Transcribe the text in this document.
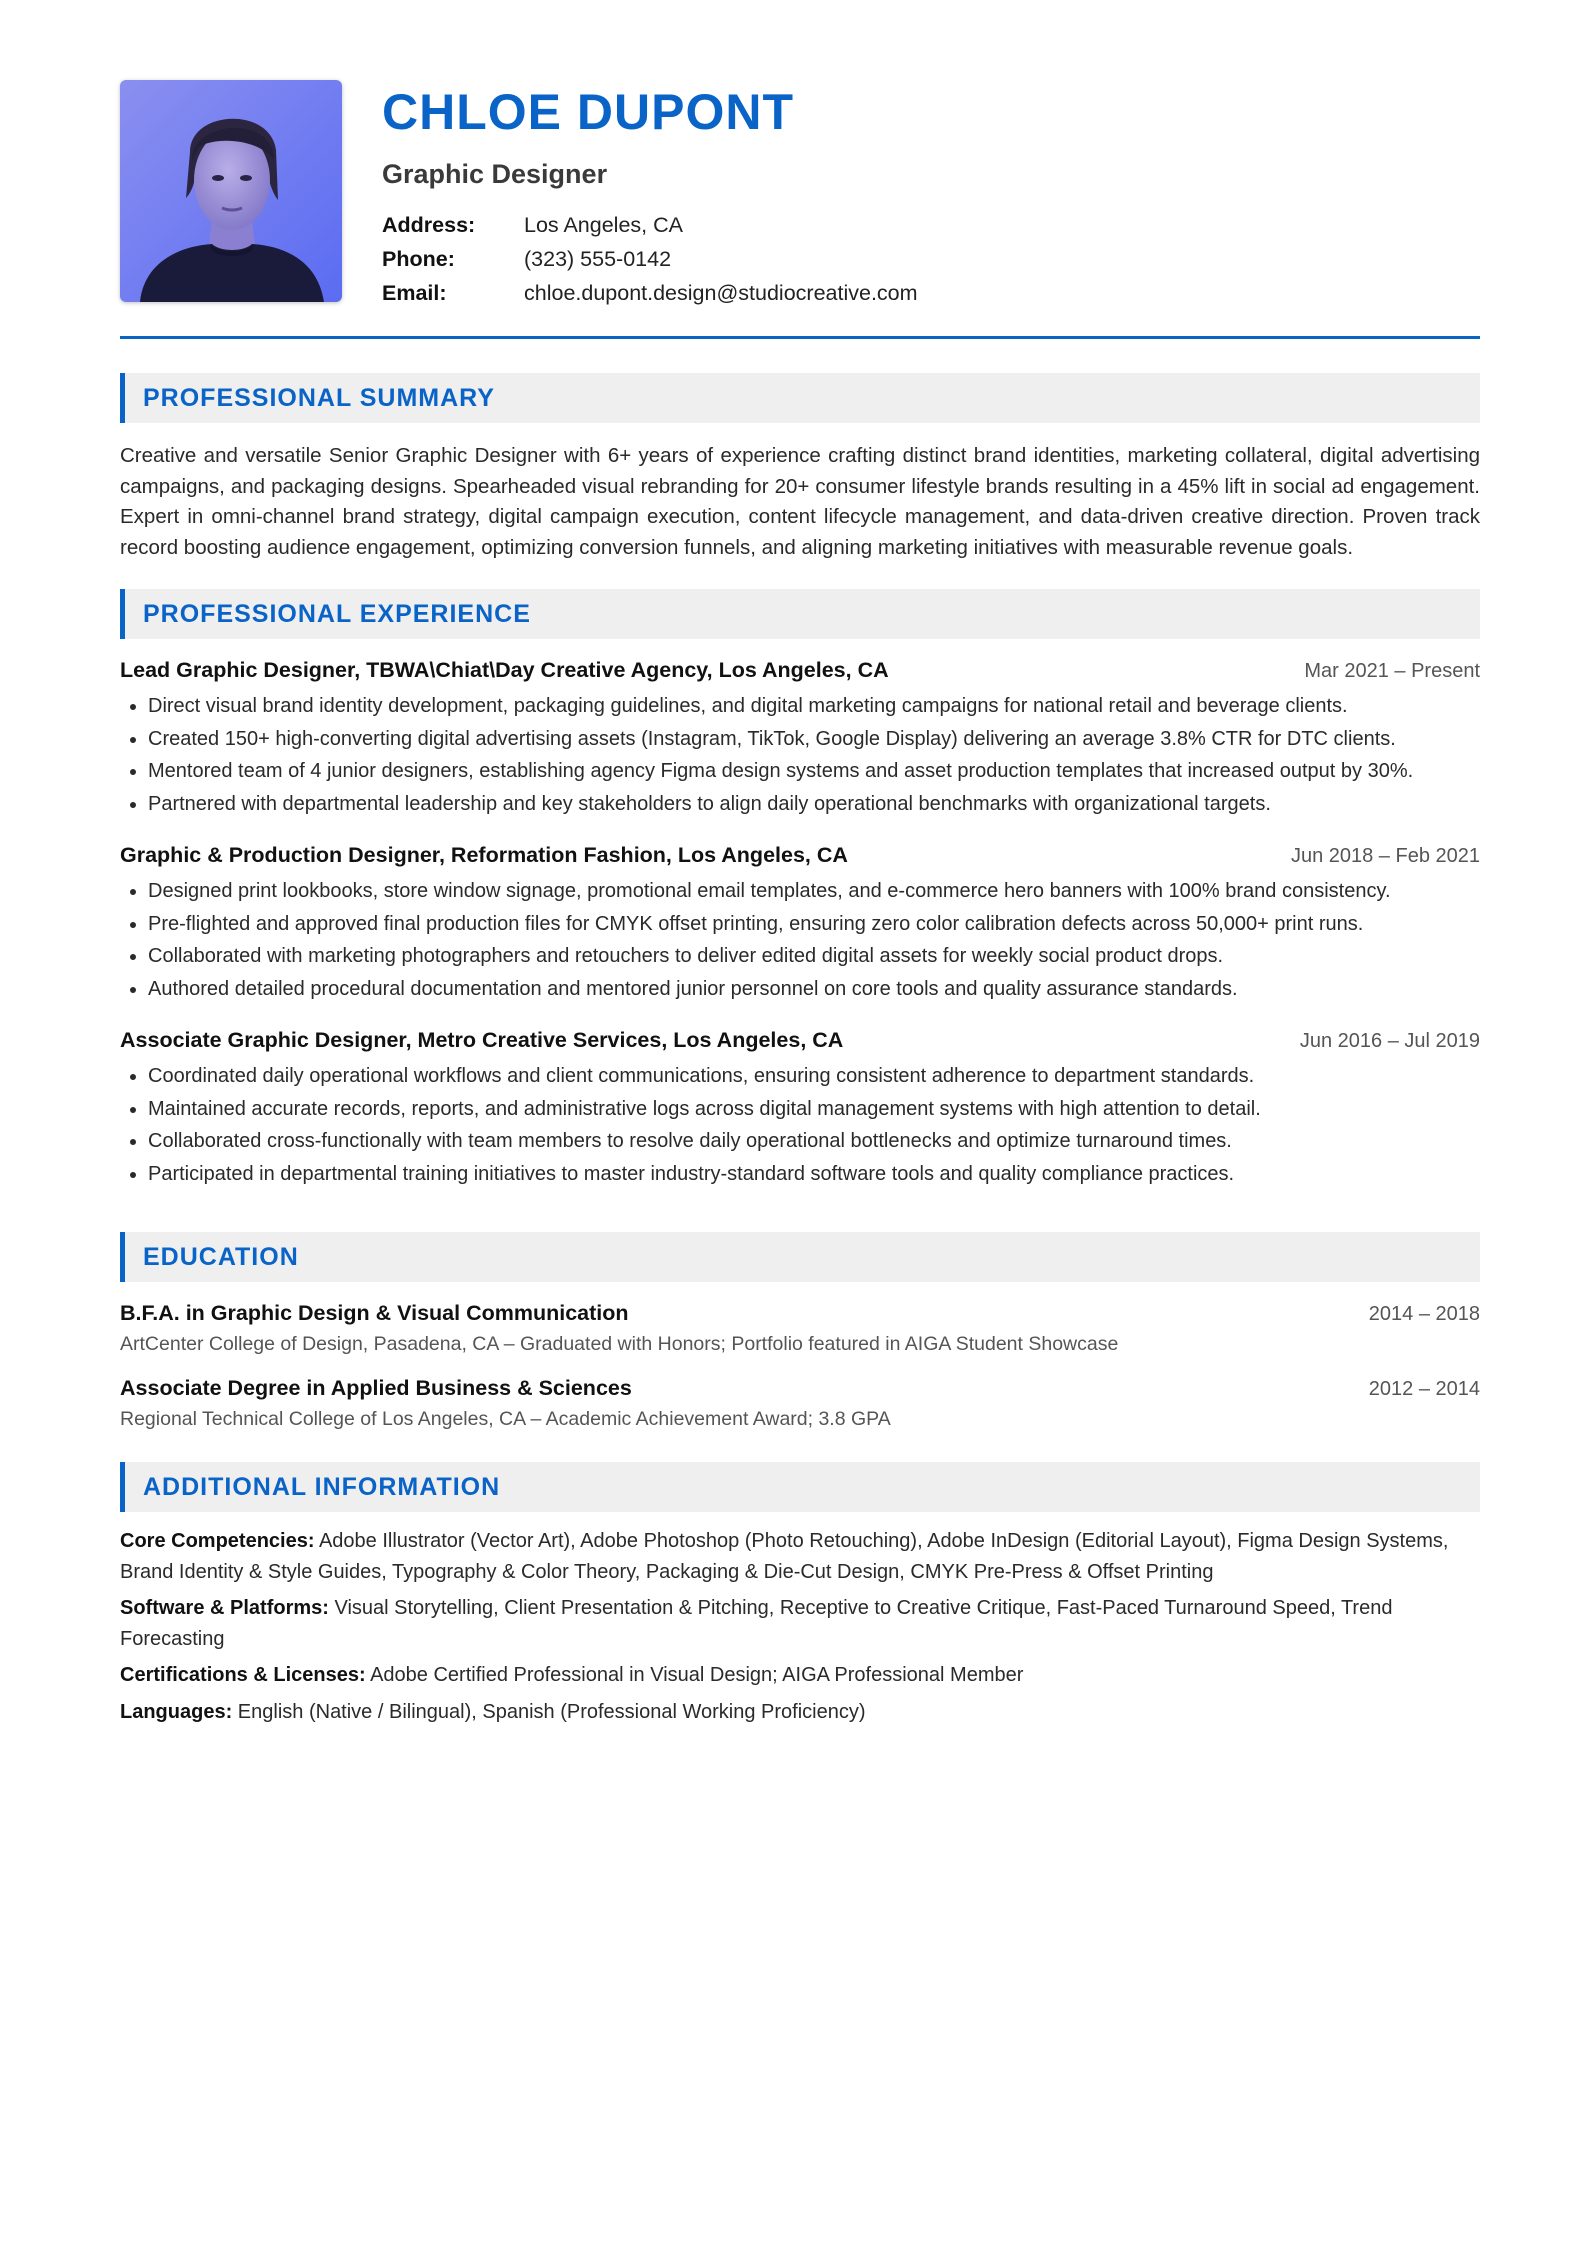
CHLOE DUPONT
Graphic Designer
Address:	Los Angeles, CA
Phone:	(323) 555-0142
Email:	chloe.dupont.design@studiocreative.com
PROFESSIONAL SUMMARY

Creative and versatile Senior Graphic Designer with 6+ years of experience crafting distinct brand identities, marketing collateral, digital advertising campaigns, and packaging designs. Spearheaded visual rebranding for 20+ consumer lifestyle brands resulting in a 45% lift in social ad engagement. Expert in omni-channel brand strategy, digital campaign execution, content lifecycle management, and data-driven creative direction. Proven track record boosting audience engagement, optimizing conversion funnels, and aligning marketing initiatives with measurable revenue goals.

PROFESSIONAL EXPERIENCE
Lead Graphic Designer, TBWA\Chiat\Day Creative Agency, Los Angeles, CA	Mar 2021 – Present
Direct visual brand identity development, packaging guidelines, and digital marketing campaigns for national retail and beverage clients.
Created 150+ high-converting digital advertising assets (Instagram, TikTok, Google Display) delivering an average 3.8% CTR for DTC clients.
Mentored team of 4 junior designers, establishing agency Figma design systems and asset production templates that increased output by 30%.
Partnered with departmental leadership and key stakeholders to align daily operational benchmarks with organizational targets.
Graphic & Production Designer, Reformation Fashion, Los Angeles, CA	Jun 2018 – Feb 2021
Designed print lookbooks, store window signage, promotional email templates, and e-commerce hero banners with 100% brand consistency.
Pre-flighted and approved final production files for CMYK offset printing, ensuring zero color calibration defects across 50,000+ print runs.
Collaborated with marketing photographers and retouchers to deliver edited digital assets for weekly social product drops.
Authored detailed procedural documentation and mentored junior personnel on core tools and quality assurance standards.
Associate Graphic Designer, Metro Creative Services, Los Angeles, CA	Jun 2016 – Jul 2019
Coordinated daily operational workflows and client communications, ensuring consistent adherence to department standards.
Maintained accurate records, reports, and administrative logs across digital management systems with high attention to detail.
Collaborated cross-functionally with team members to resolve daily operational bottlenecks and optimize turnaround times.
Participated in departmental training initiatives to master industry-standard software tools and quality compliance practices.
EDUCATION
B.F.A. in Graphic Design & Visual Communication	2014 – 2018
ArtCenter College of Design, Pasadena, CA – Graduated with Honors; Portfolio featured in AIGA Student Showcase
Associate Degree in Applied Business & Sciences	2012 – 2014
Regional Technical College of Los Angeles, CA – Academic Achievement Award; 3.8 GPA
ADDITIONAL INFORMATION
Core Competencies: Adobe Illustrator (Vector Art), Adobe Photoshop (Photo Retouching), Adobe InDesign (Editorial Layout), Figma Design Systems, Brand Identity & Style Guides, Typography & Color Theory, Packaging & Die-Cut Design, CMYK Pre-Press & Offset Printing
Software & Platforms: Visual Storytelling, Client Presentation & Pitching, Receptive to Creative Critique, Fast-Paced Turnaround Speed, Trend Forecasting
Certifications & Licenses: Adobe Certified Professional in Visual Design; AIGA Professional Member
Languages: English (Native / Bilingual), Spanish (Professional Working Proficiency)
